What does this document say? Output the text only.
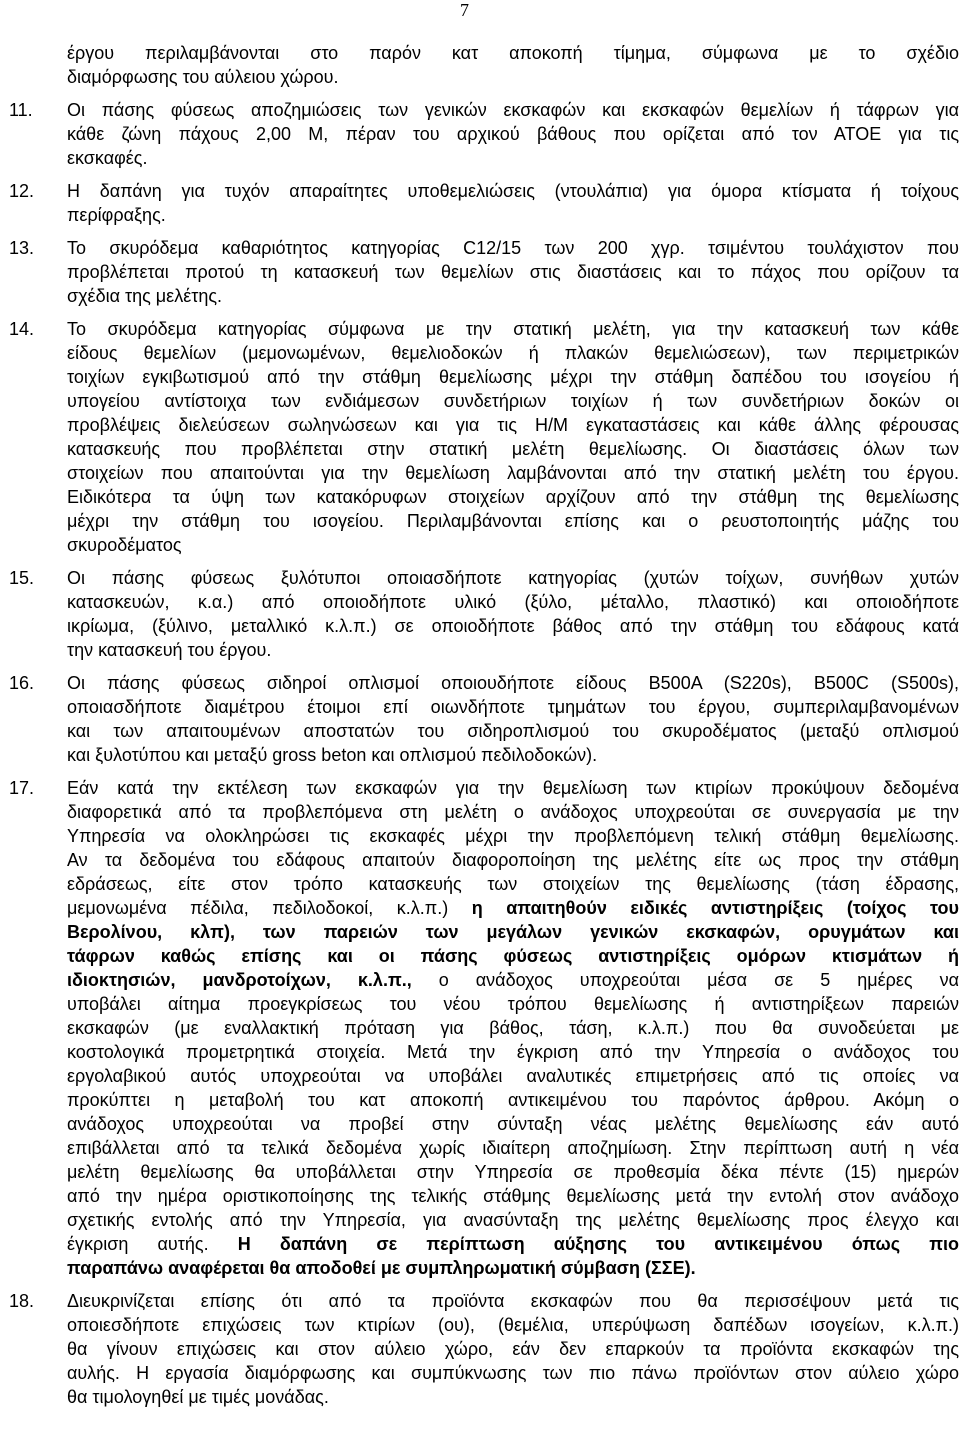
7
έργου περιλαμβάνονται στο παρόν κατ αποκοπή τίμημα, σύμφωνα με το σχέδιο
διαμόρφωσης του αύλειου χώρου.
11.	Οι πάσης φύσεως αποζημιώσεις των γενικών εκσκαφών και εκσκαφών θεμελίων ή τάφρων για
κάθε ζώνη πάχους 2,00 Μ, πέραν του αρχικού βάθους που ορίζεται από τον ΑΤΟΕ για τις
εκσκαφές.
12.	Η δαπάνη για τυχόν απαραίτητες υποθεμελιώσεις (ντουλάπια) για όμορα κτίσματα ή τοίχους
περίφραξης.
13.	Το σκυρόδεμα καθαριότητος κατηγορίας C12/15 των 200 χγρ. τσιμέντου τουλάχιστον που
προβλέπεται προτού τη κατασκευή των θεμελίων στις διαστάσεις και το πάχος που ορίζουν τα
σχέδια της μελέτης.
14.	Το σκυρόδεμα κατηγορίας σύμφωνα με την στατική μελέτη, για την κατασκευή των κάθε
είδους θεμελίων (μεμονωμένων, θεμελιοδοκών ή πλακών θεμελιώσεων), των περιμετρικών
τοιχίων εγκιβωτισμού από την στάθμη θεμελίωσης μέχρι την στάθμη δαπέδου του ισογείου ή
υπογείου αντίστοιχα των ενδιάμεσων συνδετήριων τοιχίων ή των συνδετήριων δοκών οι
προβλέψεις διελεύσεων σωληνώσεων και για τις Η/Μ εγκαταστάσεις και κάθε άλλης φέρουσας
κατασκευής που προβλέπεται στην στατική μελέτη θεμελίωσης. Οι διαστάσεις όλων των
στοιχείων που απαιτούνται για την θεμελίωση λαμβάνονται από την στατική μελέτη του έργου.
Ειδικότερα τα ύψη των κατακόρυφων στοιχείων αρχίζουν από την στάθμη της θεμελίωσης
μέχρι την στάθμη του ισογείου. Περιλαμβάνονται επίσης και ο ρευστοποιητής μάζης του
σκυροδέματος
15.	Οι πάσης φύσεως ξυλότυποι οποιασδήποτε κατηγορίας (χυτών τοίχων, συνήθων χυτών
κατασκευών, κ.α.) από οποιοδήποτε υλικό (ξύλο, μέταλλο, πλαστικό) και οποιοδήποτε
ικρίωμα, (ξύλινο, μεταλλικό κ.λ.π.) σε οποιοδήποτε βάθος από την στάθμη του εδάφους κατά
την κατασκευή του έργου.
16.	Οι πάσης φύσεως σιδηροί οπλισμοί οποιουδήποτε είδους B500A (S220s), B500C (S500s),
οποιασδήποτε διαμέτρου έτοιμοι επί οιωνδήποτε τμημάτων του έργου, συμπεριλαμβανομένων
και των απαιτουμένων αποστατών του σιδηροπλισμού του σκυροδέματος (μεταξύ οπλισμού
και ξυλοτύπου και μεταξύ gross beton και οπλισμού πεδιλοδοκών).
17.	Εάν κατά την εκτέλεση των εκσκαφών για την θεμελίωση των κτιρίων προκύψουν δεδομένα
διαφορετικά από τα προβλεπόμενα στη μελέτη ο ανάδοχος υποχρεούται σε συνεργασία με την
Υπηρεσία να ολοκληρώσει τις εκσκαφές μέχρι την προβλεπόμενη τελική στάθμη θεμελίωσης.
Αν τα δεδομένα του εδάφους απαιτούν διαφοροποίηση της μελέτης είτε ως προς την στάθμη
εδράσεως, είτε στον τρόπο κατασκευής των στοιχείων της θεμελίωσης (τάση έδρασης,
μεμονωμένα πέδιλα, πεδιλοδοκοί, κ.λ.π.) η απαιτηθούν ειδικές αντιστηρίξεις (τοίχος του
Βερολίνου, κλπ), των παρειών των μεγάλων γενικών εκσκαφών, ορυγμάτων και
τάφρων καθώς επίσης και οι πάσης φύσεως αντιστηρίξεις ομόρων κτισμάτων ή
ιδιοκτησιών, μανδροτοίχων, κ.λ.π., ο ανάδοχος υποχρεούται μέσα σε 5 ημέρες να
υποβάλει αίτημα προεγκρίσεως του νέου τρόπου θεμελίωσης ή αντιστηρίξεων παρειών
εκσκαφών (με εναλλακτική πρόταση για βάθος, τάση, κ.λ.π.) που θα συνοδεύεται με
κοστολογικά προμετρητικά στοιχεία. Μετά την έγκριση από την Υπηρεσία ο ανάδοχος του
εργολαβικού αυτός υποχρεούται να υποβάλει αναλυτικές επιμετρήσεις από τις οποίες να
προκύπτει η μεταβολή του κατ αποκοπή αντικειμένου του παρόντος άρθρου. Ακόμη ο
ανάδοχος υποχρεούται να προβεί στην σύνταξη νέας μελέτης θεμελίωσης εάν αυτό
επιβάλλεται από τα τελικά δεδομένα χωρίς ιδιαίτερη αποζημίωση. Στην περίπτωση αυτή η νέα
μελέτη θεμελίωσης θα υποβάλλεται στην Υπηρεσία σε προθεσμία δέκα πέντε (15) ημερών
από την ημέρα οριστικοποίησης της τελικής στάθμης θεμελίωσης μετά την εντολή στον ανάδοχο
σχετικής εντολής από την Υπηρεσία, για ανασύνταξη της μελέτης θεμελίωσης προς έλεγχο και
έγκριση αυτής. Η δαπάνη σε περίπτωση αύξησης του αντικειμένου όπως πιο
παραπάνω αναφέρεται θα αποδοθεί με συμπληρωματική σύμβαση (ΣΣΕ).
18.	Διευκρινίζεται επίσης ότι από τα προϊόντα εκσκαφών που θα περισσέψουν μετά τις
οποιεσδήποτε επιχώσεις των κτιρίων (ου), (θεμέλια, υπερύψωση δαπέδων ισογείων, κ.λ.π.)
θα γίνουν επιχώσεις και στον αύλειο χώρο, εάν δεν επαρκούν τα προϊόντα εκσκαφών της
αυλής. Η εργασία διαμόρφωσης και συμπύκνωσης των πιο πάνω προϊόντων στον αύλειο χώρο
θα τιμολογηθεί με τιμές μονάδας.
